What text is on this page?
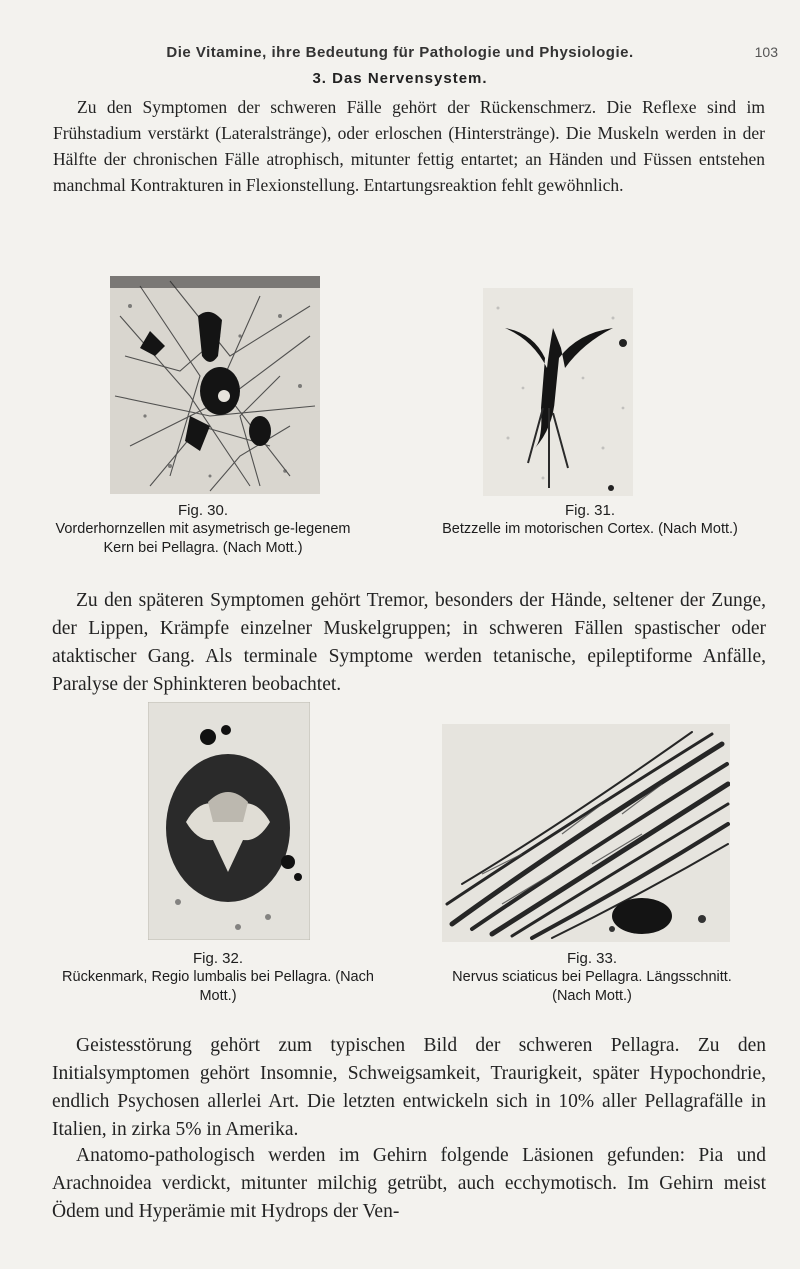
Die Vitamine, ihre Bedeutung für Pathologie und Physiologie.	103
3. Das Nervensystem.
Zu den Symptomen der schweren Fälle gehört der Rückenschmerz. Die Reflexe sind im Frühstadium verstärkt (Lateralstränge), oder erloschen (Hinterstränge). Die Muskeln werden in der Hälfte der chronischen Fälle atrophisch, mitunter fettig entartet; an Händen und Füssen entstehen manchmal Kontrakturen in Flexionstellung. Entartungsreaktion fehlt gewöhnlich.
Fig. 30.
Vorderhornzellen mit asymetrisch ge-legenem Kern bei Pellagra. (Nach Mott.)
Fig. 31.
Betzzelle im motorischen Cortex. (Nach Mott.)
Zu den späteren Symptomen gehört Tremor, besonders der Hände, seltener der Zunge, der Lippen, Krämpfe einzelner Muskelgruppen; in schweren Fällen spastischer oder ataktischer Gang. Als terminale Symptome werden tetanische, epileptiforme Anfälle, Paralyse der Sphinkteren beobachtet.
Fig. 32.
Rückenmark, Regio lumbalis bei Pellagra. (Nach Mott.)
Fig. 33.
Nervus sciaticus bei Pellagra. Längsschnitt. (Nach Mott.)
Geistesstörung gehört zum typischen Bild der schweren Pellagra. Zu den Initialsymptomen gehört Insomnie, Schweigsamkeit, Traurigkeit, später Hypochondrie, endlich Psychosen allerlei Art. Die letzten entwickeln sich in 10% aller Pellagrafälle in Italien, in zirka 5% in Amerika.
Anatomo-pathologisch werden im Gehirn folgende Läsionen gefunden: Pia und Arachnoidea verdickt, mitunter milchig getrübt, auch ecchymotisch. Im Gehirn meist Ödem und Hyperämie mit Hydrops der Ven-
